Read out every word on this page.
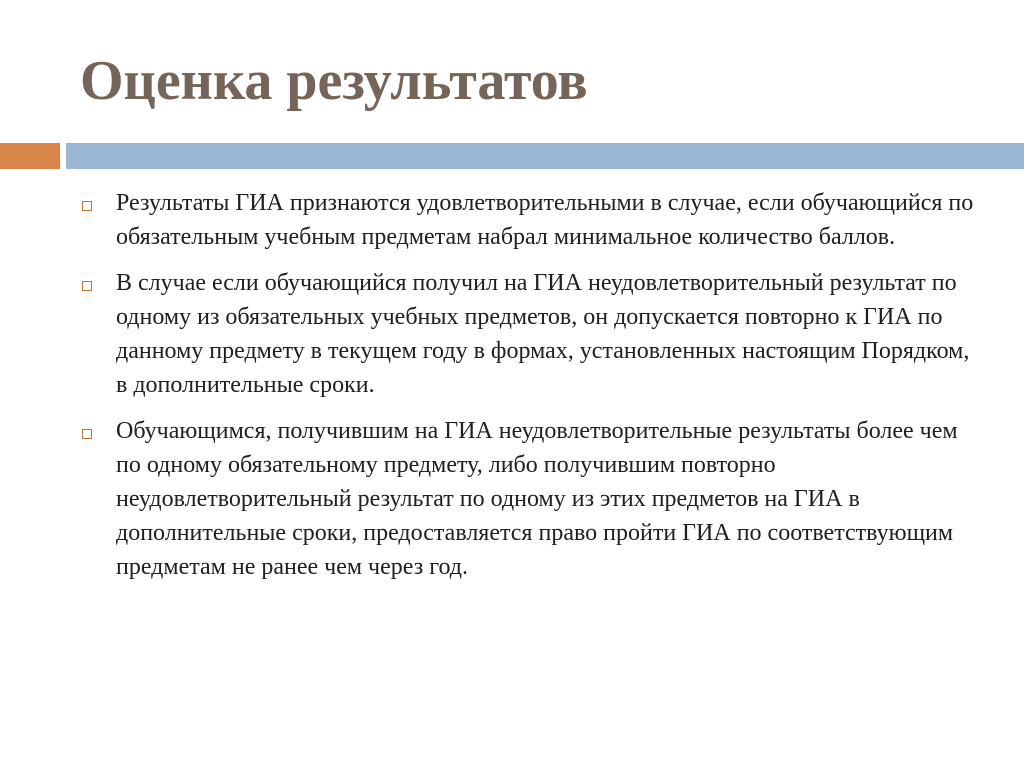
Оценка результатов
Результаты ГИА признаются удовлетворительными в случае, если обучающийся по обязательным учебным предметам набрал минимальное количество баллов.
В случае если обучающийся получил на ГИА неудовлетворительный результат по одному из обязательных учебных предметов, он допускается повторно к ГИА по данному предмету в текущем году в формах, установленных настоящим Порядком, в дополнительные сроки.
Обучающимся, получившим на ГИА неудовлетворительные результаты более чем по одному обязательному предмету, либо получившим повторно неудовлетворительный результат по одному из этих предметов на ГИА в дополнительные сроки, предоставляется право пройти ГИА по соответствующим предметам не ранее чем через год.
